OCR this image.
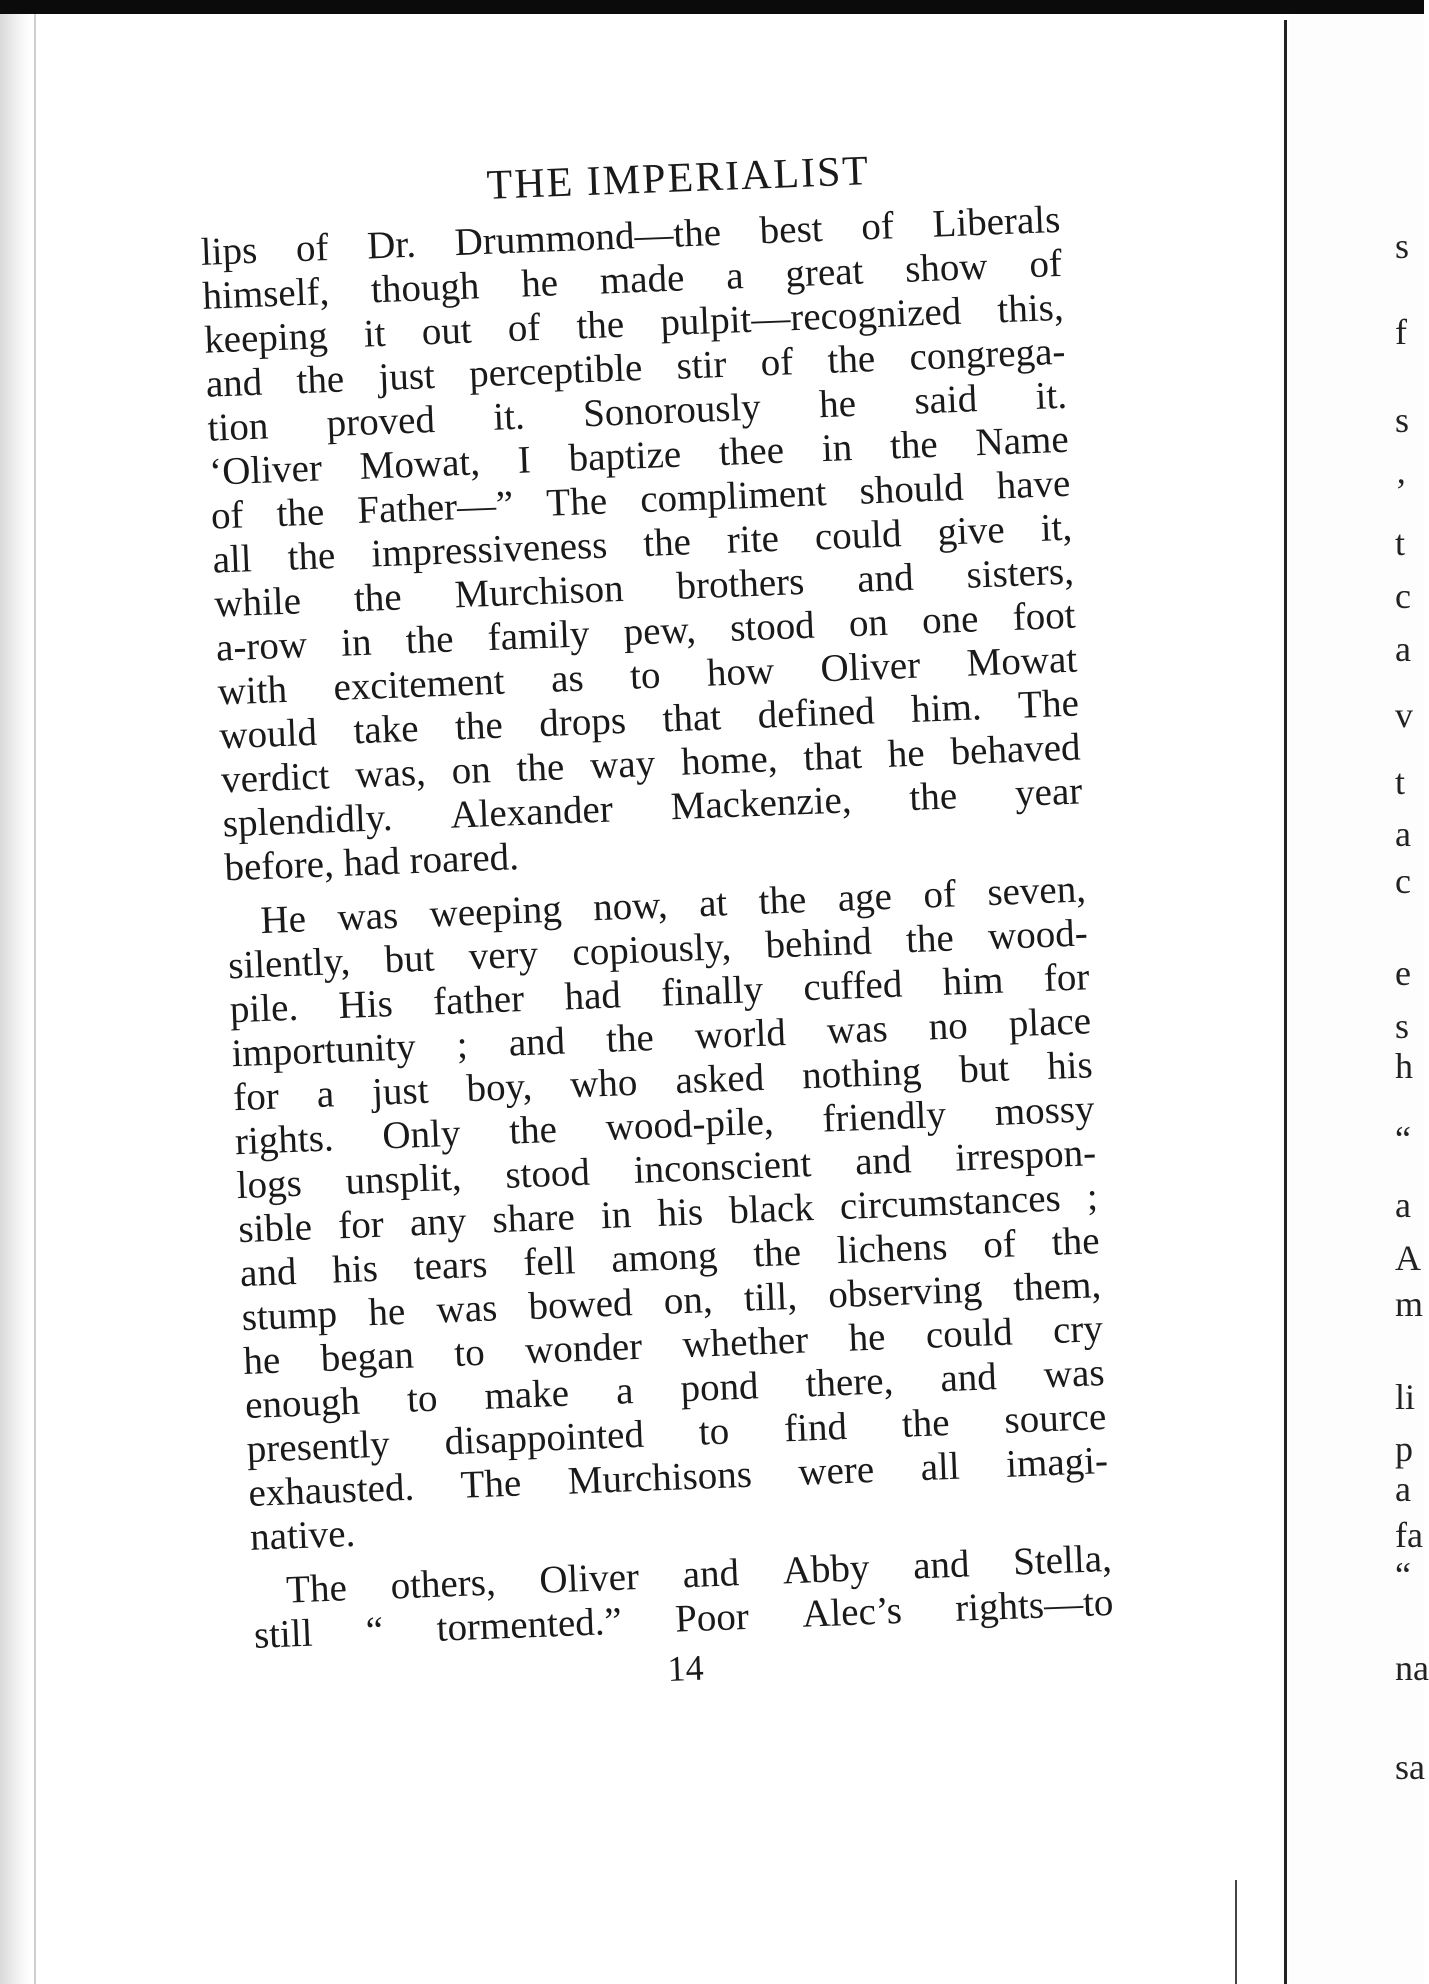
THE IMPERIALIST
lips of Dr. Drummond—the best of Liberals
himself, though he made a great show of
keeping it out of the pulpit—recognized this,
and the just perceptible stir of the congrega-
tion proved it. Sonorously he said it.
‘Oliver Mowat, I baptize thee in the Name
of the Father—” The compliment should have
all the impressiveness the rite could give it,
while the Murchison brothers and sisters,
a-row in the family pew, stood on one foot
with excitement as to how Oliver Mowat
would take the drops that defined him. The
verdict was, on the way home, that he behaved
splendidly. Alexander Mackenzie, the year
before, had roared.
He was weeping now, at the age of seven,
silently, but very copiously, behind the wood-
pile. His father had finally cuffed him for
importunity ; and the world was no place
for a just boy, who asked nothing but his
rights. Only the wood-pile, friendly mossy
logs unsplit, stood inconscient and irrespon-
sible for any share in his black circumstances ;
and his tears fell among the lichens of the
stump he was bowed on, till, observing them,
he began to wonder whether he could cry
enough to make a pond there, and was
presently disappointed to find the source
exhausted. The Murchisons were all imagi-
native.
The others, Oliver and Abby and Stella,
still “ tormented.” Poor Alec’s rights—to
14
s
f
s
’
t
c
a
v
t
a
c
e
s
h
“
a
A
m
li
p
a
fa
“
na
sa
